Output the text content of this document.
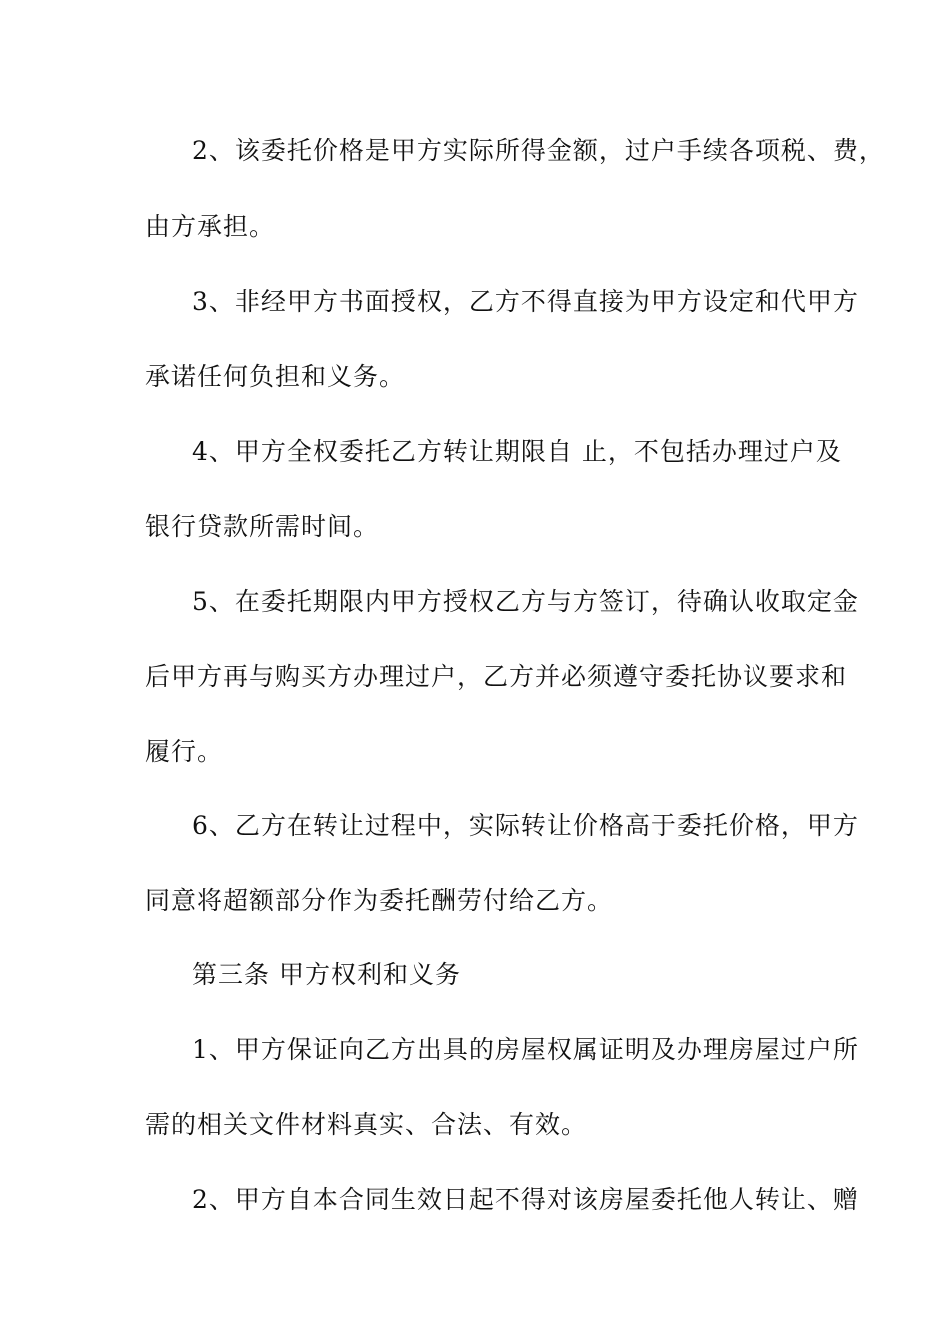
2、该委托价格是甲方实际所得金额，过户手续各项税、费，
由方承担。
3、非经甲方书面授权，乙方不得直接为甲方设定和代甲方
承诺任何负担和义务。
4、甲方全权委托乙方转让期限自 止，不包括办理过户及
银行贷款所需时间。
5、在委托期限内甲方授权乙方与方签订，待确认收取定金
后甲方再与购买方办理过户，乙方并必须遵守委托协议要求和
履行。
6、乙方在转让过程中，实际转让价格高于委托价格，甲方
同意将超额部分作为委托酬劳付给乙方。
第三条 甲方权利和义务
1、甲方保证向乙方出具的房屋权属证明及办理房屋过户所
需的相关文件材料真实、合法、有效。
2、甲方自本合同生效日起不得对该房屋委托他人转让、赠
